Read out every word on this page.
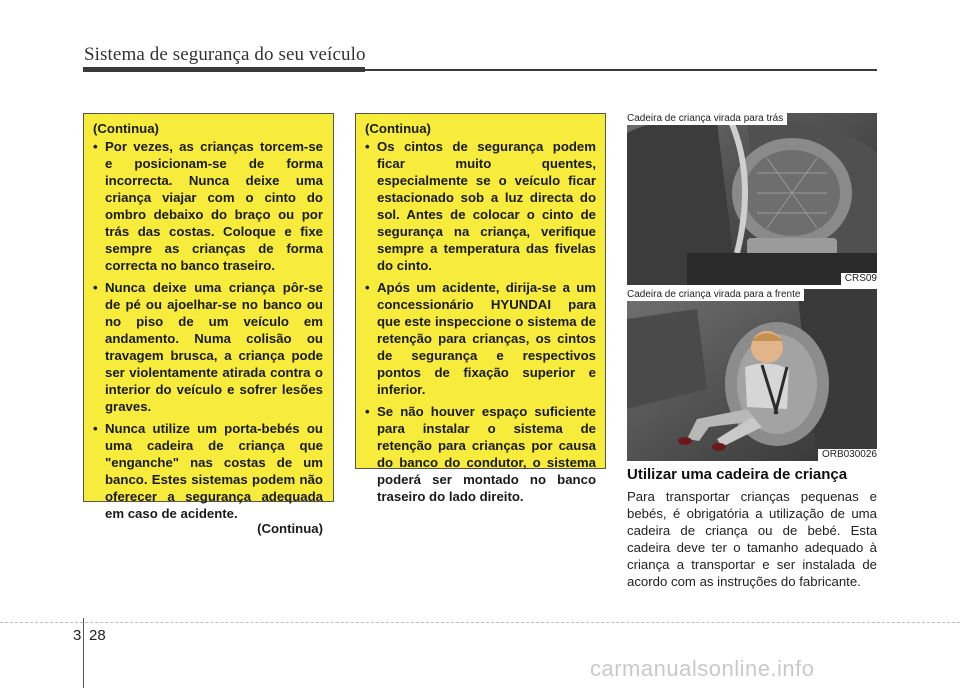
Sistema de segurança do seu veículo
(Continua)
• Por vezes, as crianças torcem-se e posicionam-se de forma incorrecta. Nunca deixe uma criança viajar com o cinto do ombro debaixo do braço ou por trás das costas. Coloque e fixe sempre as crianças de forma correcta no banco traseiro.
• Nunca deixe uma criança pôr-se de pé ou ajoelhar-se no banco ou no piso de um veículo em andamento. Numa colisão ou travagem brusca, a criança pode ser violentamente atirada contra o interior do veículo e sofrer lesões graves.
• Nunca utilize um porta-bebés ou uma cadeira de criança que "enganche" nas costas de um banco. Estes sistemas podem não oferecer a segurança adequada em caso de acidente.
(Continua)
(Continua)
• Os cintos de segurança podem ficar muito quentes, especialmente se o veículo ficar estacionado sob a luz directa do sol. Antes de colocar o cinto de segurança na criança, verifique sempre a temperatura das fivelas do cinto.
• Após um acidente, dirija-se a um concessionário HYUNDAI para que este inspeccione o sistema de retenção para crianças, os cintos de segurança e respectivos pontos de fixação superior e inferior.
• Se não houver espaço suficiente para instalar o sistema de retenção para crianças por causa do banco do condutor, o sistema poderá ser montado no banco traseiro do lado direito.
Cadeira de criança virada para trás
CRS09
Cadeira de criança virada para a frente
ORB030026
Utilizar uma cadeira de criança
Para transportar crianças pequenas e bebés, é obrigatória a utilização de uma cadeira de criança ou de bebé. Esta cadeira deve ter o tamanho adequado à criança a transportar e ser instalada de acordo com as instruções do fabricante.
3 28
carmanualsonline.info
